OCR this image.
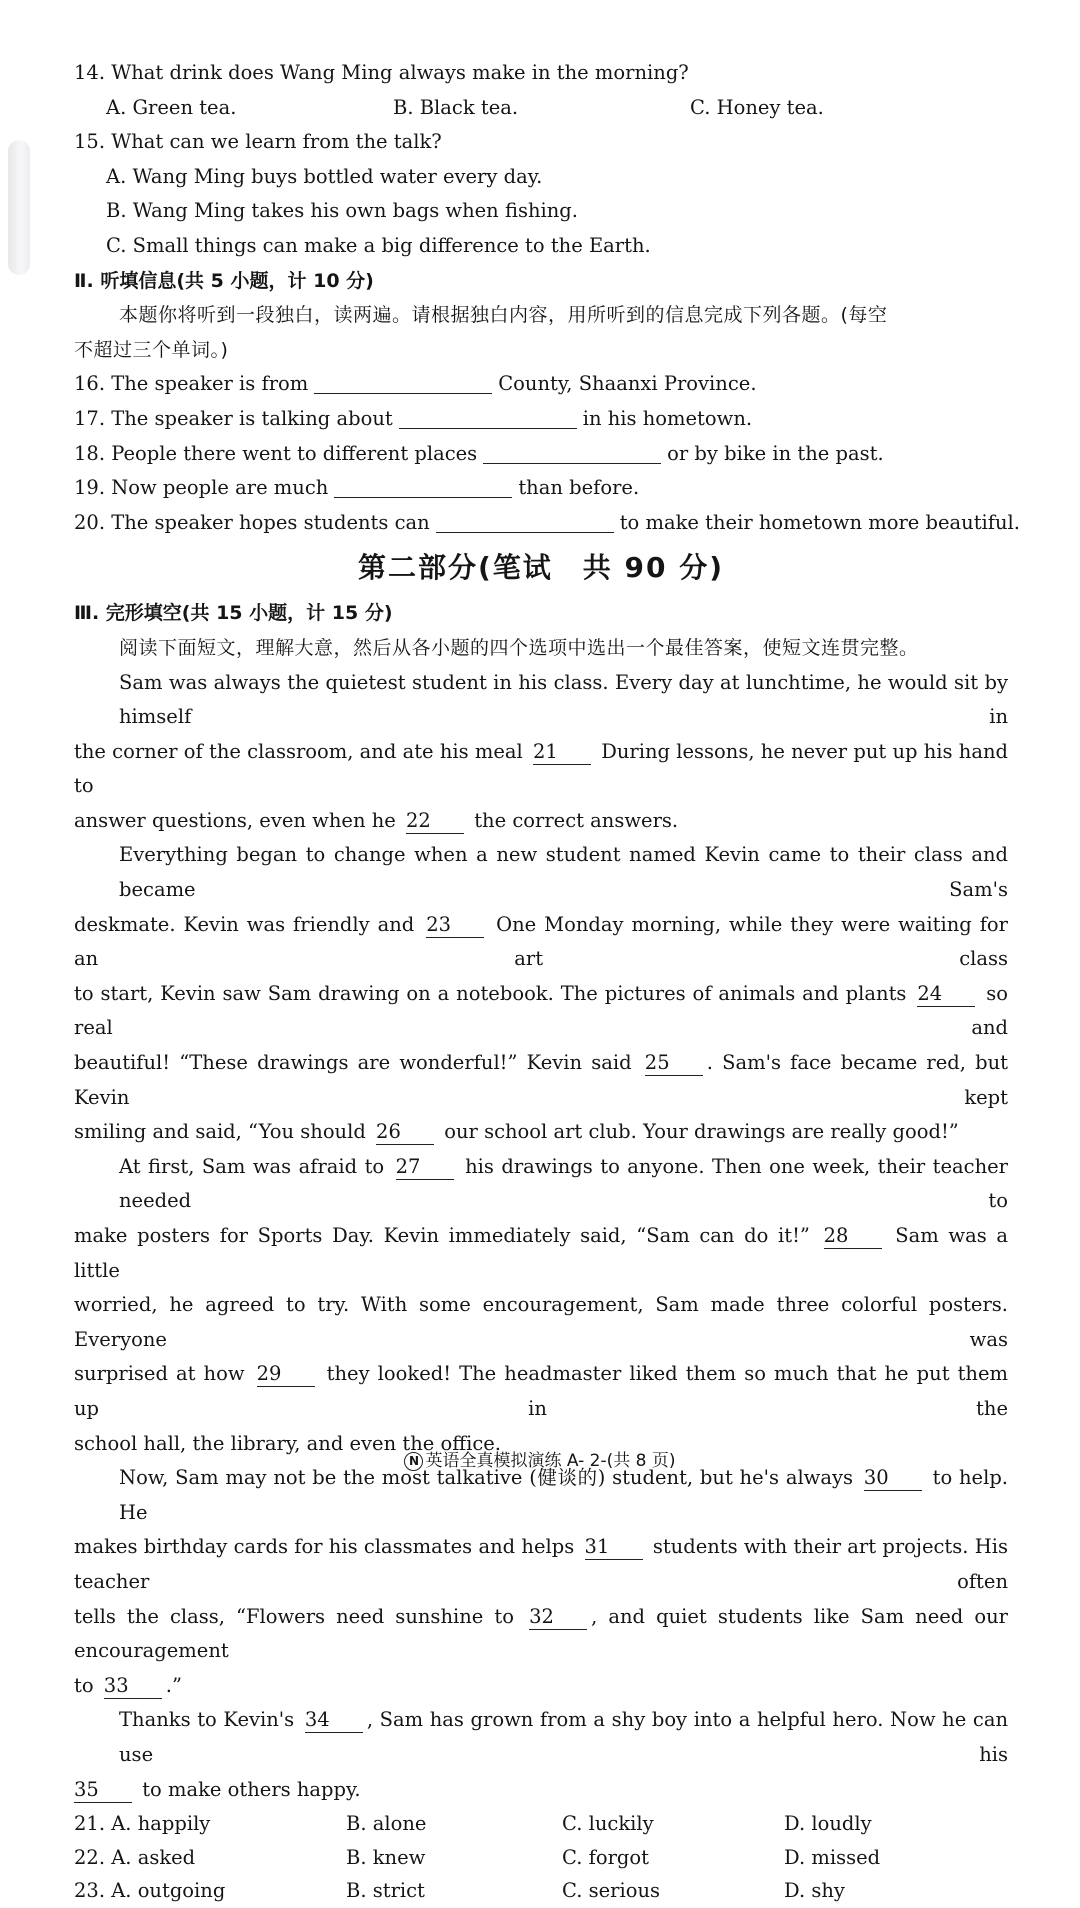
14. What drink does Wang Ming always make in the morning?
A. Green tea.	B. Black tea.	C. Honey tea.
15. What can we learn from the talk?
A. Wang Ming buys bottled water every day.
B. Wang Ming takes his own bags when fishing.
C. Small things can make a big difference to the Earth.
Ⅱ. 听填信息(共 5 小题，计 10 分)
本题你将听到一段独白，读两遍。请根据独白内容，用所听到的信息完成下列各题。(每空
不超过三个单词。)
16. The speaker is from	County, Shaanxi Province.
17. The speaker is talking about	in his hometown.
18. People there went to different places	or by bike in the past.
19. Now people are much	than before.
20. The speaker hopes students can	to make their hometown more beautiful.
第二部分(笔试　共 90 分)
Ⅲ. 完形填空(共 15 小题，计 15 分)
阅读下面短文，理解大意，然后从各小题的四个选项中选出一个最佳答案，使短文连贯完整。
Sam was always the quietest student in his class. Every day at lunchtime, he would sit by himself in
the corner of the classroom, and ate his meal 21 During lessons, he never put up his hand to
answer questions, even when he 22 the correct answers.
Everything began to change when a new student named Kevin came to their class and became Sam's
deskmate. Kevin was friendly and 23 One Monday morning, while they were waiting for an art class
to start, Kevin saw Sam drawing on a notebook. The pictures of animals and plants 24 so real and
beautiful! “These drawings are wonderful!” Kevin said 25 . Sam's face became red, but Kevin kept
smiling and said, “You should 26 our school art club. Your drawings are really good!”
At first, Sam was afraid to 27 his drawings to anyone. Then one week, their teacher needed to
make posters for Sports Day. Kevin immediately said, “Sam can do it!” 28 Sam was a little
worried, he agreed to try. With some encouragement, Sam made three colorful posters. Everyone was
surprised at how 29 they looked! The headmaster liked them so much that he put them up in the
school hall, the library, and even the office.
Now, Sam may not be the most talkative (健谈的) student, but he's always 30 to help. He
makes birthday cards for his classmates and helps 31 students with their art projects. His teacher often
tells the class, “Flowers need sunshine to 32 , and quiet students like Sam need our encouragement
to 33 .”
Thanks to Kevin's 34 , Sam has grown from a shy boy into a helpful hero. Now he can use his
35 to make others happy.
21. A. happily	B. alone	C. luckily	D. loudly
22. A. asked	B. knew	C. forgot	D. missed
23. A. outgoing	B. strict	C. serious	D. shy
N 英语全真模拟演练 A- 2-(共 8 页)
